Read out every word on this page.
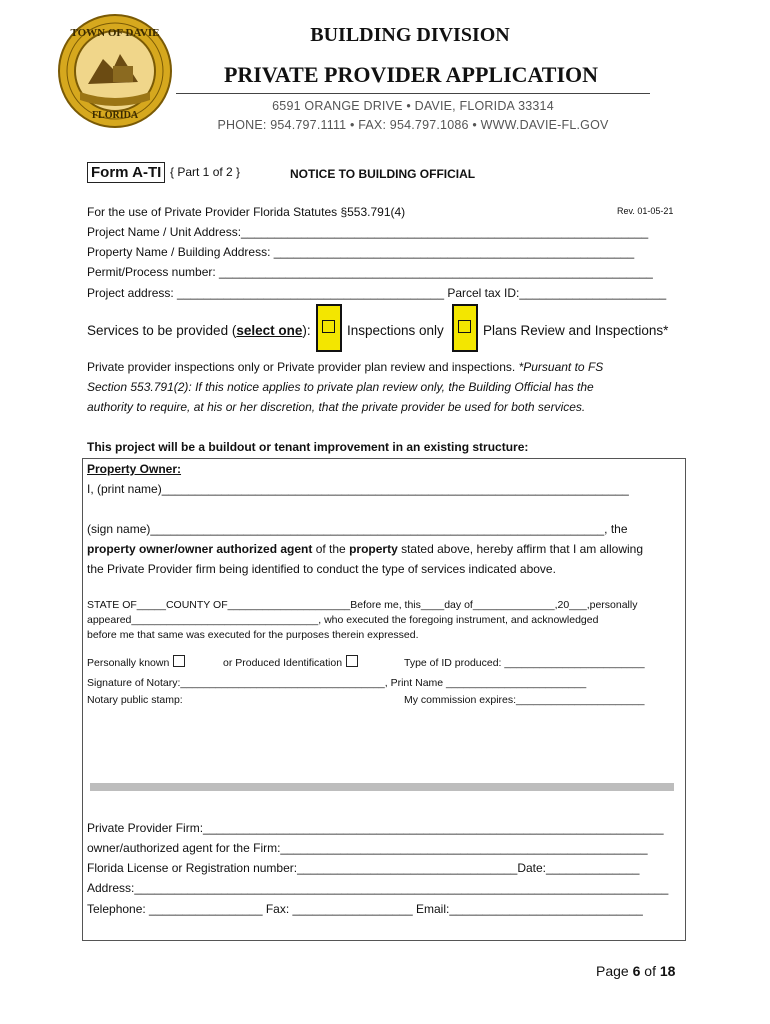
TOWN OF DAVIE
FLORIDA
BUILDING DIVISION
PRIVATE PROVIDER APPLICATION
6591 ORANGE DRIVE • DAVIE, FLORIDA 33314
PHONE: 954.797.1111 • FAX: 954.797.1086 • WWW.DAVIE-FL.GOV
Form A-TI { Part 1 of 2 }	NOTICE TO BUILDING OFFICIAL
For the use of Private Provider Florida Statutes §553.791(4)	Rev. 01-05-21
Project Name / Unit Address:_____________________________________________________________
Property Name / Building Address: ______________________________________________________
Permit/Process number: _________________________________________________________________
Project address: ________________________________________ Parcel tax ID:______________________
Services to be provided (select one):	Inspections only	Plans Review and Inspections*
Private provider inspections only or Private provider plan review and inspections. *Pursuant to FS
Section 553.791(2): If this notice applies to private plan review only, the Building Official has the
authority to require, at his or her discretion, that the private provider be used for both services.
This project will be a buildout or tenant improvement in an existing structure:
Property Owner:
I, (print name)______________________________________________________________________
(sign name)____________________________________________________________________, the
property owner/owner authorized agent of the property stated above, hereby affirm that I am allowing
the Private Provider firm being identified to conduct the type of services indicated above.
STATE OF_____COUNTY OF_____________________Before me, this____day of______________,20___,personally
appeared________________________________, who executed the foregoing instrument, and acknowledged
before me that same was executed for the purposes therein expressed.
Personally known	or Produced Identification	Type of ID produced: ________________________
Signature of Notary:___________________________________, Print Name ________________________
Notary public stamp:	My commission expires:______________________
Private Provider Firm:_____________________________________________________________________
owner/authorized agent for the Firm:_______________________________________________________
Florida License or Registration number:_________________________________Date:______________
Address:________________________________________________________________________________
Telephone: _________________ Fax: __________________ Email:_____________________________
Page 6 of 18
